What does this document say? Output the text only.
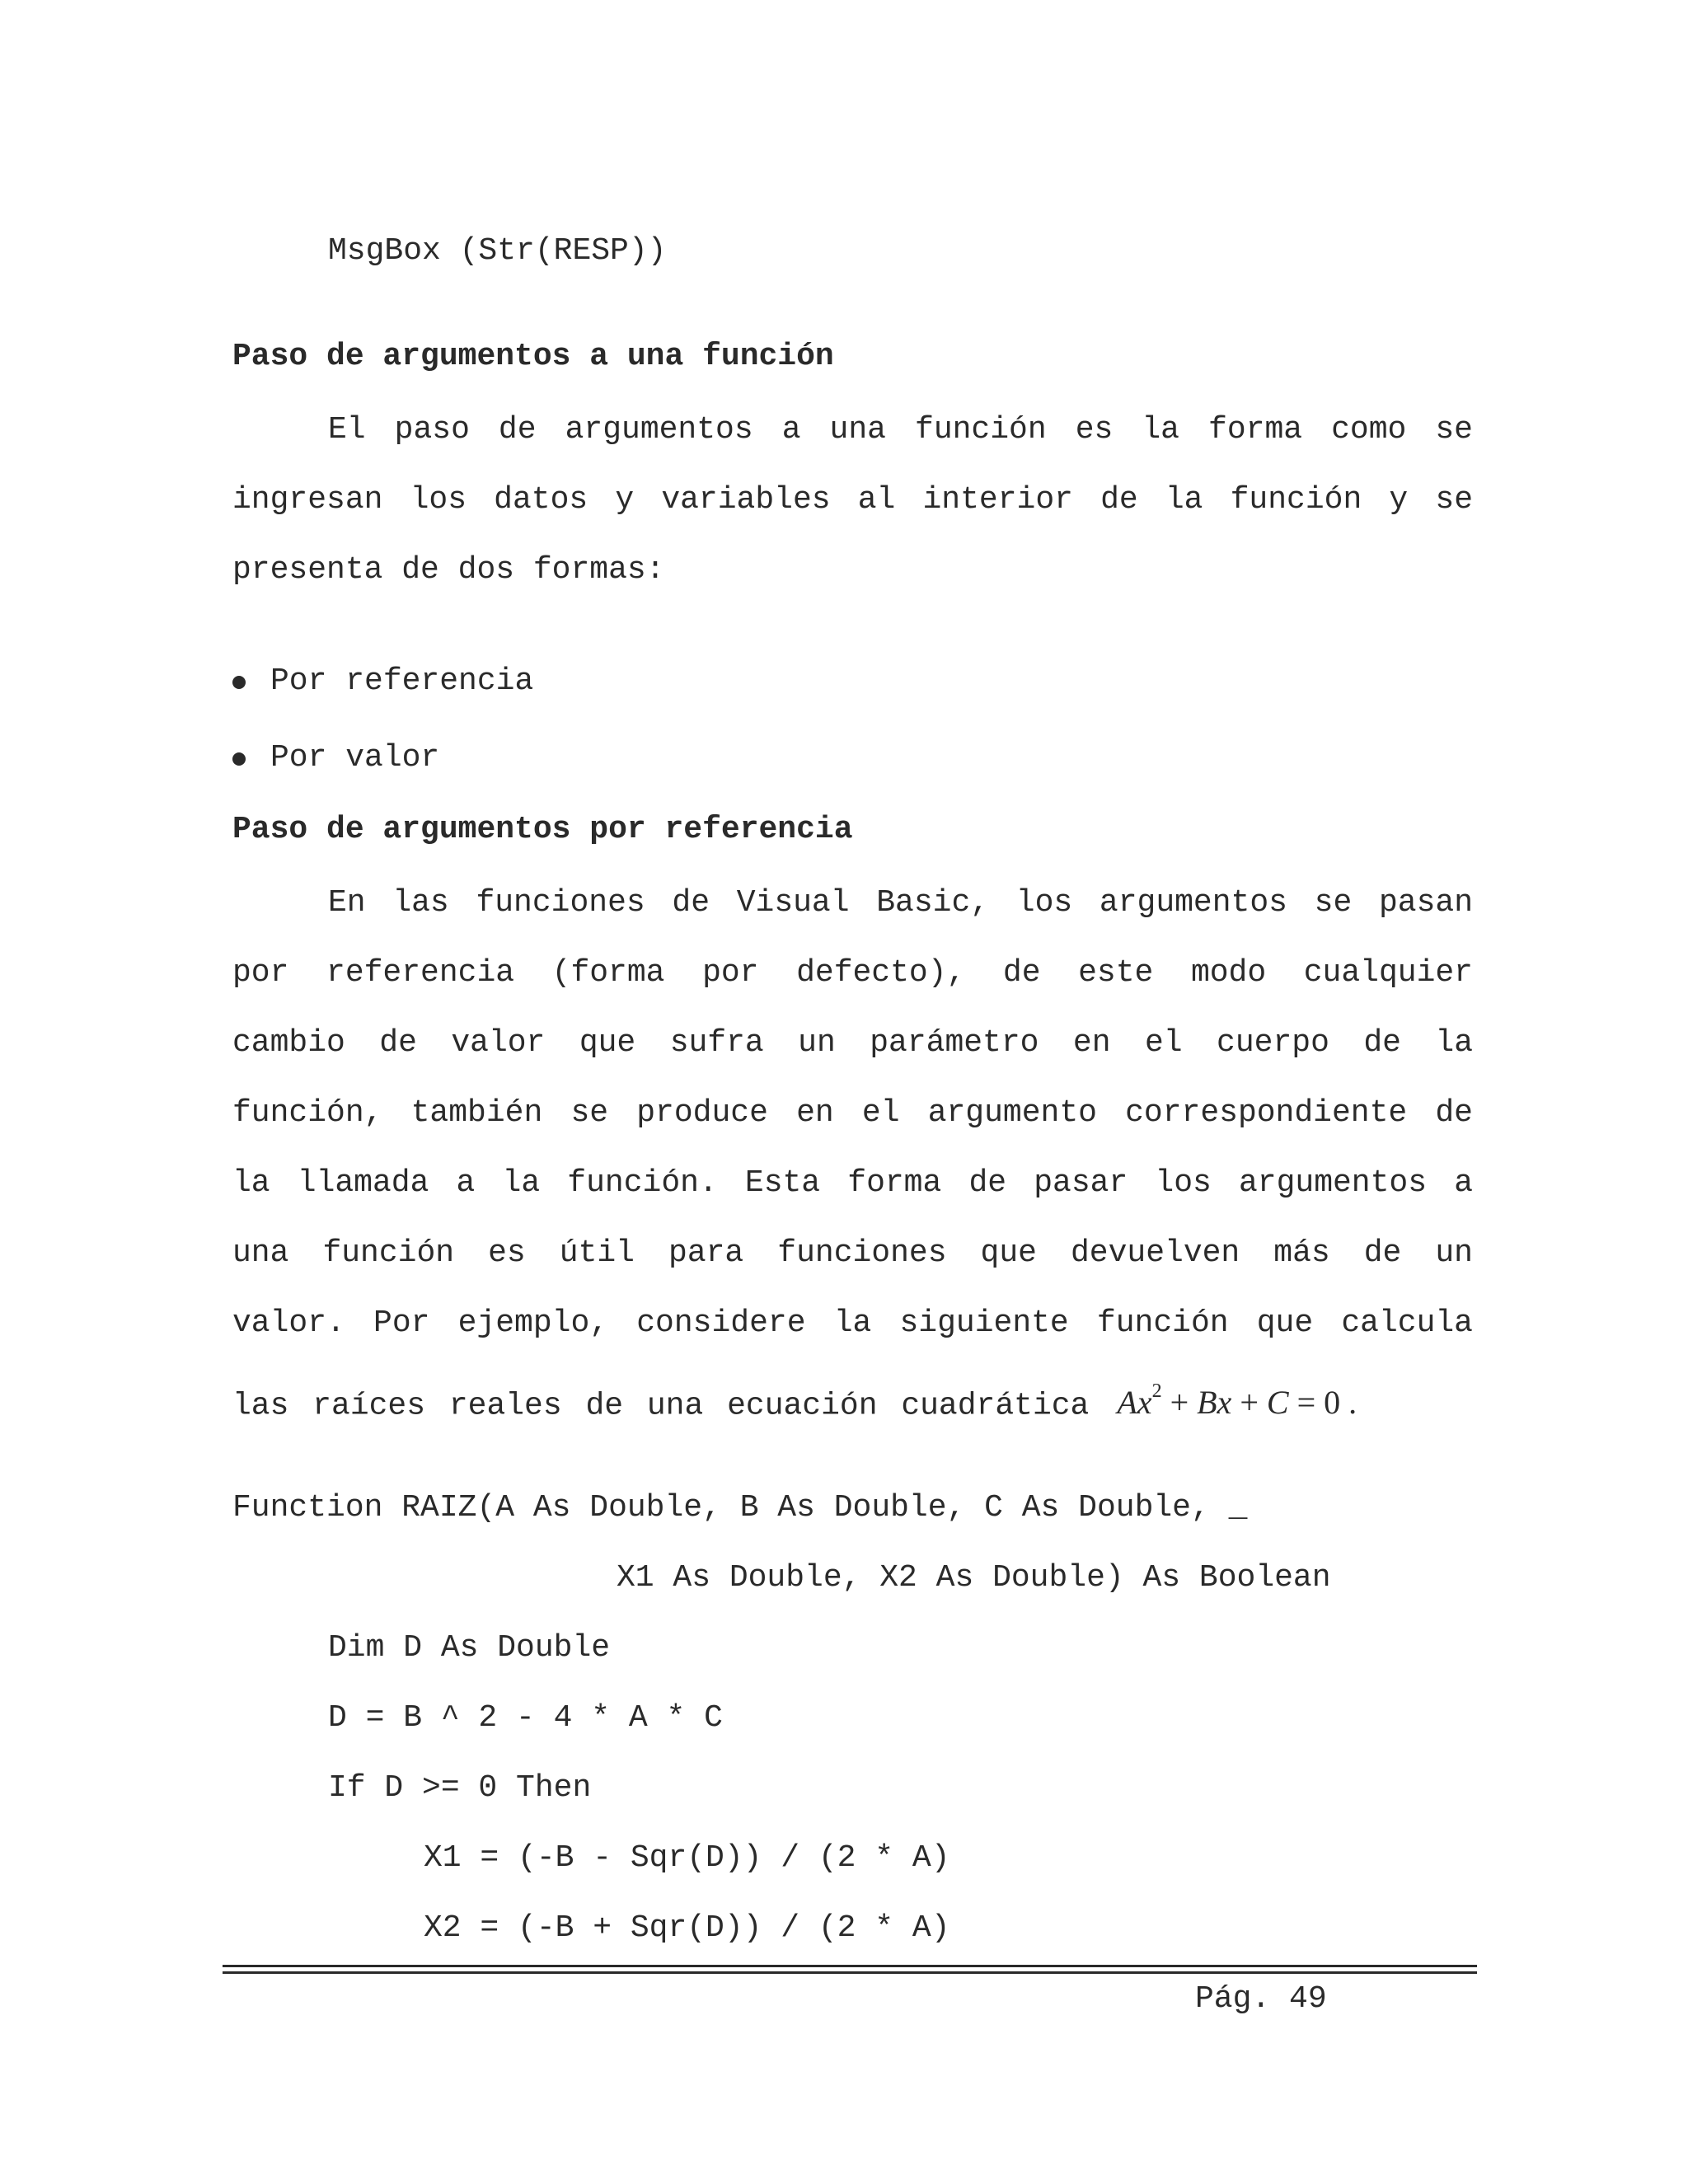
MsgBox (Str(RESP))
Paso de argumentos a una función
El paso de argumentos a una función es la forma como se
ingresan los datos y variables al interior de la función y se
presenta de dos formas:
Por referencia
Por valor
Paso de argumentos por referencia
En las funciones de Visual Basic, los argumentos se pasan
por referencia (forma por defecto), de este modo cualquier
cambio de valor que sufra un parámetro en el cuerpo de la
función, también se produce en el argumento correspondiente de
la llamada a la función. Esta forma de pasar los argumentos a
una función es útil para funciones que devuelven más de un
valor. Por ejemplo, considere la siguiente función que calcula
las raíces reales de una ecuación cuadrática $Ax^2 + Bx + C = 0$ .
Function RAIZ(A As Double, B As Double, C As Double, _
X1 As Double, X2 As Double) As Boolean
Dim D As Double
D = B ^ 2 - 4 * A * C
If D >= 0 Then
X1 = (-B - Sqr(D)) / (2 * A)
X2 = (-B + Sqr(D)) / (2 * A)
Pág. 49
